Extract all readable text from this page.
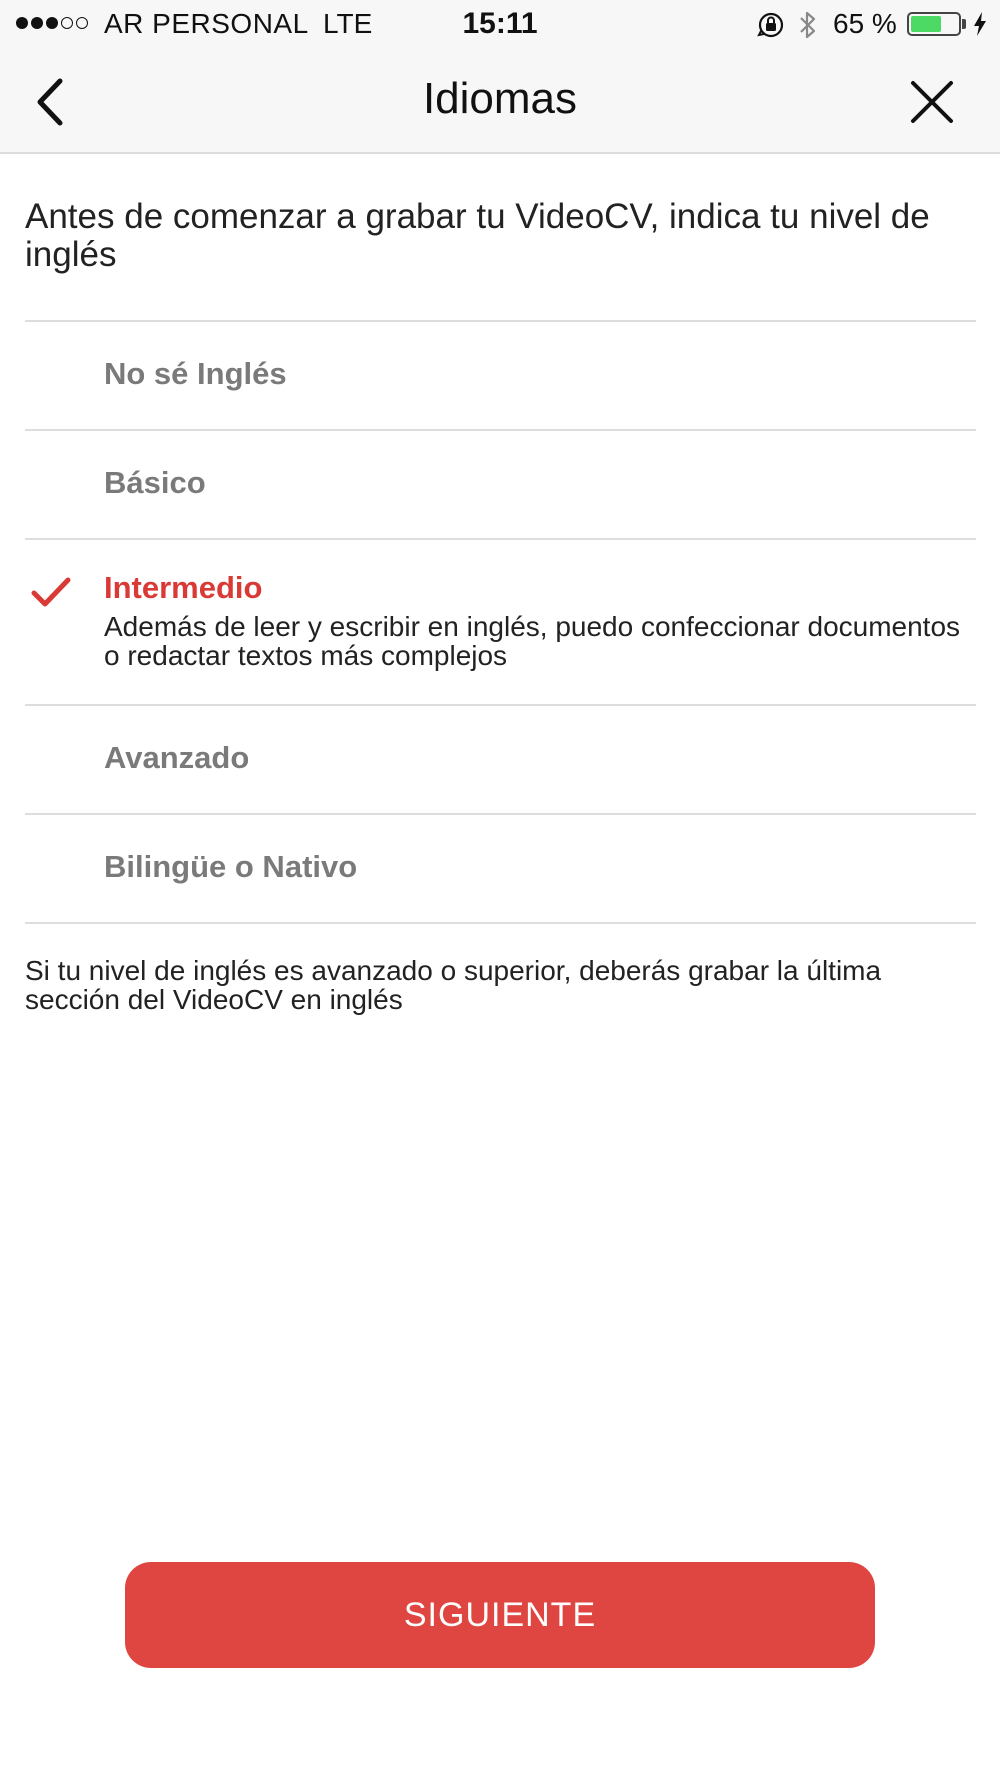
AR PERSONAL LTE	15:11	65 %
Idiomas
Antes de comenzar a grabar tu VideoCV, indica tu nivel de inglés
No sé Inglés
Básico
Intermedio
Además de leer y escribir en inglés, puedo confeccionar documentos o redactar textos más complejos
Avanzado
Bilingüe o Nativo
Si tu nivel de inglés es avanzado o superior, deberás grabar la última sección del VideoCV en inglés
SIGUIENTE
